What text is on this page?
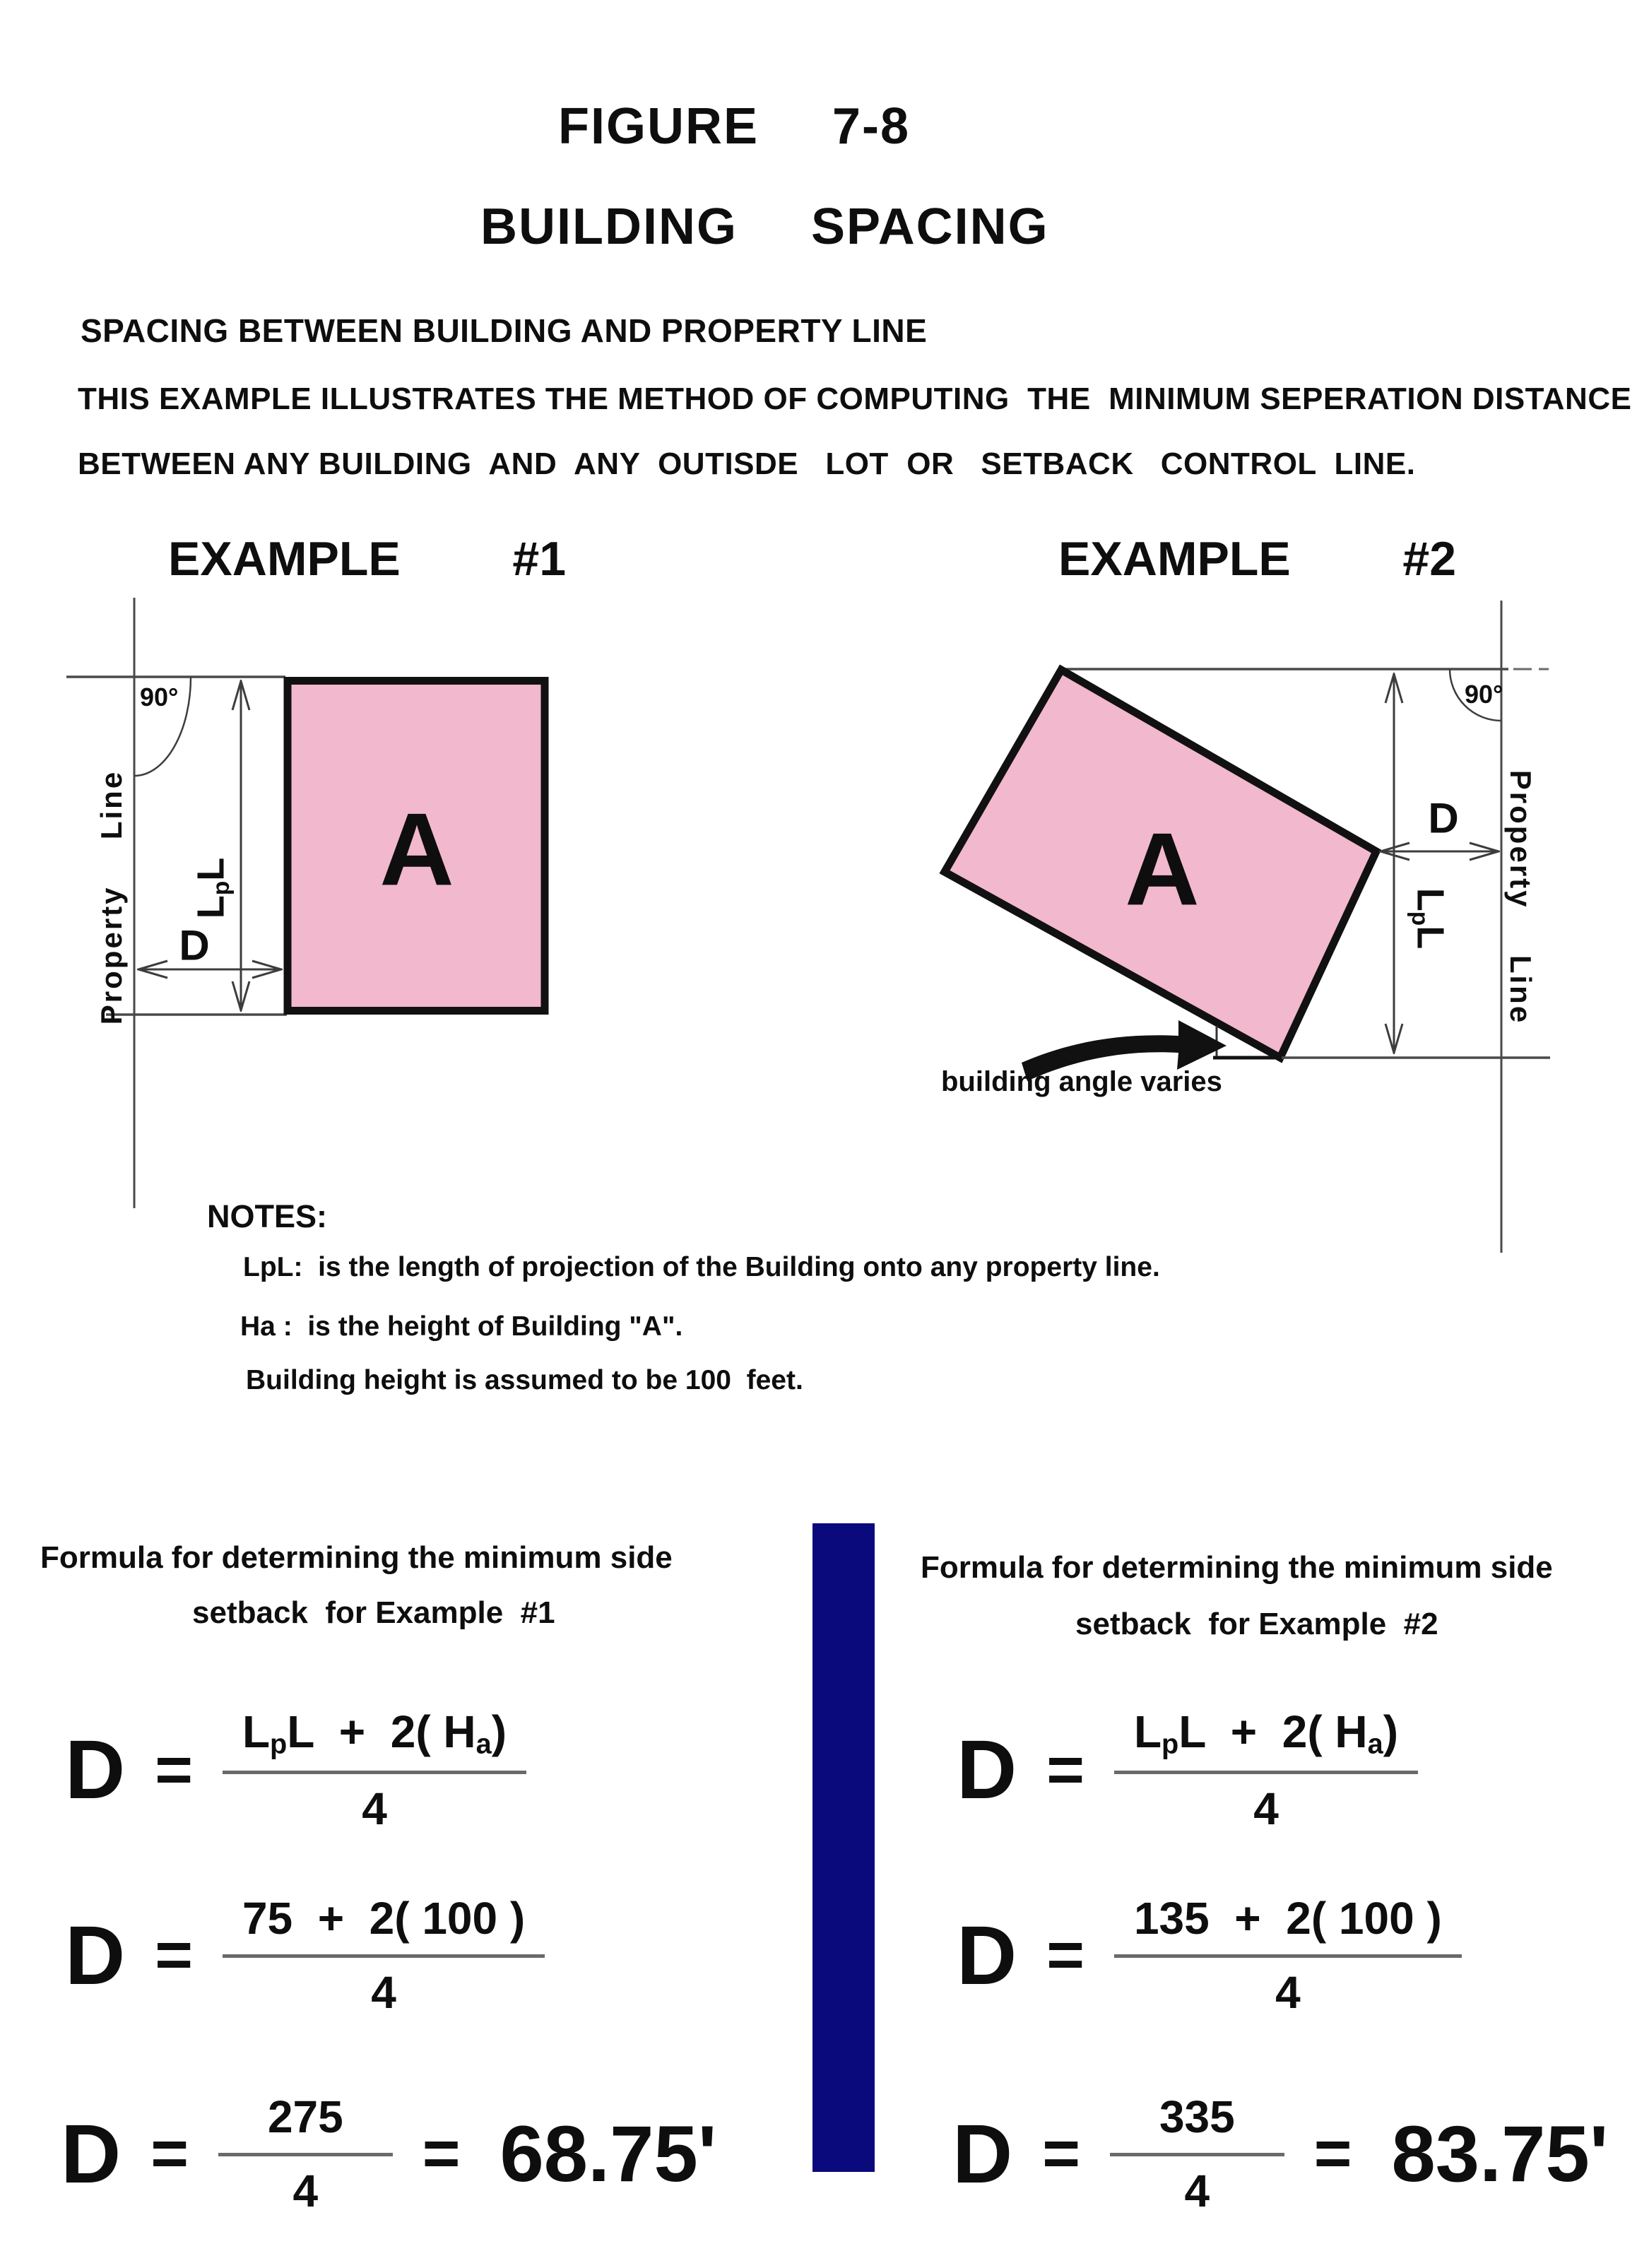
FIGURE  7-8
BUILDING  SPACING
SPACING BETWEEN BUILDING AND PROPERTY LINE
THIS EXAMPLE ILLUSTRATES THE METHOD OF COMPUTING  THE  MINIMUM SEPERATION DISTANCE
BETWEEN ANY BUILDING  AND  ANY  OUTISDE   LOT  OR   SETBACK   CONTROL  LINE.
EXAMPLE   #1	EXAMPLE   #2
90°
Property  Line $L_pL$
D
A
90°
Property  Line
$L_pL$
D
A
building angle varies
NOTES:
LpL:  is the length of projection of the Building onto any property line.
Ha :  is the height of Building "A".
Building height is assumed to be 100  feet.
Formula for determining the minimum side
setback  for Example  #1
Formula for determining the minimum side
setback  for Example  #2
$D = \frac{L_pL + 2( H_a)}{4}$
$D = \frac{75 + 2( 100 )}{4}$
$D = \frac{275}{4} = 68.75'$
$D = \frac{L_pL + 2( H_a)}{4}$
$D = \frac{135 + 2( 100 )}{4}$
$D = \frac{335}{4} = 83.75'$
